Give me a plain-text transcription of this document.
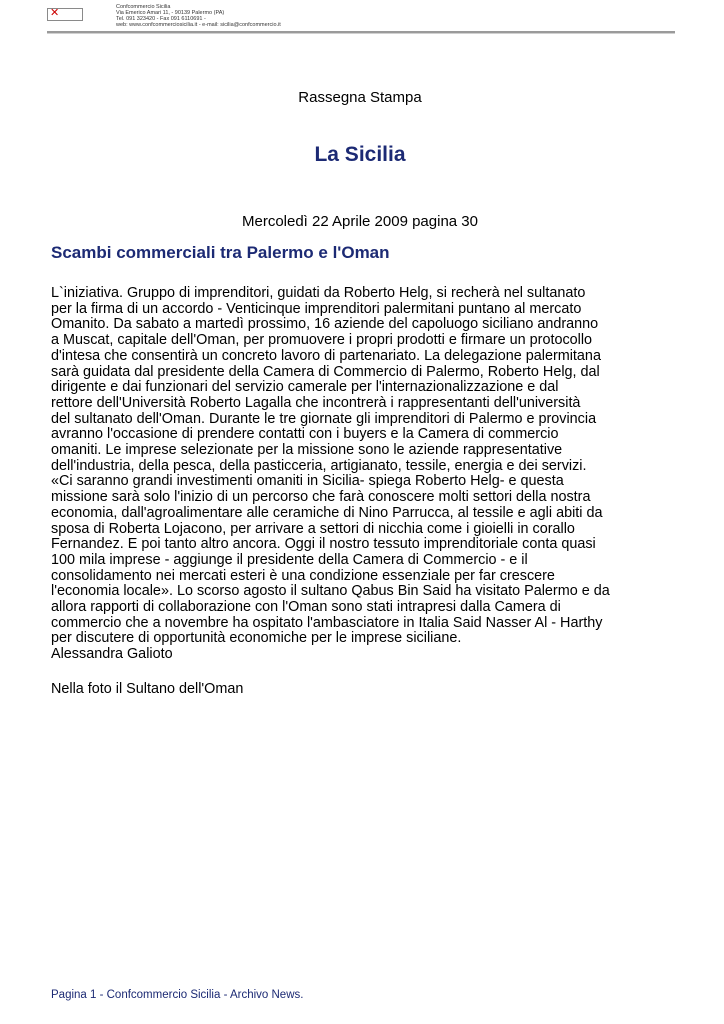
✕	Confcommercio Sicilia
Via Emerico Amari 11, - 90139 Palermo (PA)
Tel. 091 323420 - Fax 091 6110691 -
web: www.confcommerciosicilia.it - e-mail: sicilia@confcommercio.it
Rassegna Stampa
La Sicilia
Mercoledì 22 Aprile 2009 pagina 30
Scambi commerciali tra Palermo e l'Oman
L`iniziativa. Gruppo di imprenditori, guidati da Roberto Helg, si recherà nel sultanato
per la firma di un accordo - Venticinque imprenditori palermitani puntano al mercato
Omanito. Da sabato a martedì prossimo, 16 aziende del capoluogo siciliano andranno
a Muscat, capitale dell'Oman, per promuovere i propri prodotti e firmare un protocollo
d'intesa che consentirà un concreto lavoro di partenariato. La delegazione palermitana
sarà guidata dal presidente della Camera di Commercio di Palermo, Roberto Helg, dal
dirigente e dai funzionari del servizio camerale per l'internazionalizzazione e dal
rettore dell'Università Roberto Lagalla che incontrerà i rappresentanti dell'università
del sultanato dell'Oman. Durante le tre giornate gli imprenditori di Palermo e provincia
avranno l'occasione di prendere contatti con i buyers e la Camera di commercio
omaniti. Le imprese selezionate per la missione sono le aziende rappresentative
dell'industria, della pesca, della pasticceria, artigianato, tessile, energia e dei servizi.
«Ci saranno grandi investimenti omaniti in Sicilia- spiega Roberto Helg- e questa
missione sarà solo l'inizio di un percorso che farà conoscere molti settori della nostra
economia, dall'agroalimentare alle ceramiche di Nino Parrucca, al tessile e agli abiti da
sposa di Roberta Lojacono, per arrivare a settori di nicchia come i gioielli in corallo
Fernandez. E poi tanto altro ancora. Oggi il nostro tessuto imprenditoriale conta quasi
100 mila imprese - aggiunge il presidente della Camera di Commercio - e il
consolidamento nei mercati esteri è una condizione essenziale per far crescere
l'economia locale». Lo scorso agosto il sultano Qabus Bin Said ha visitato Palermo e da
allora rapporti di collaborazione con l'Oman sono stati intrapresi dalla Camera di
commercio che a novembre ha ospitato l'ambasciatore in Italia Said Nasser Al - Harthy
per discutere di opportunità economiche per le imprese siciliane.
Alessandra Galioto
Nella foto il Sultano dell'Oman
Pagina 1 - Confcommercio Sicilia - Archivo News.
